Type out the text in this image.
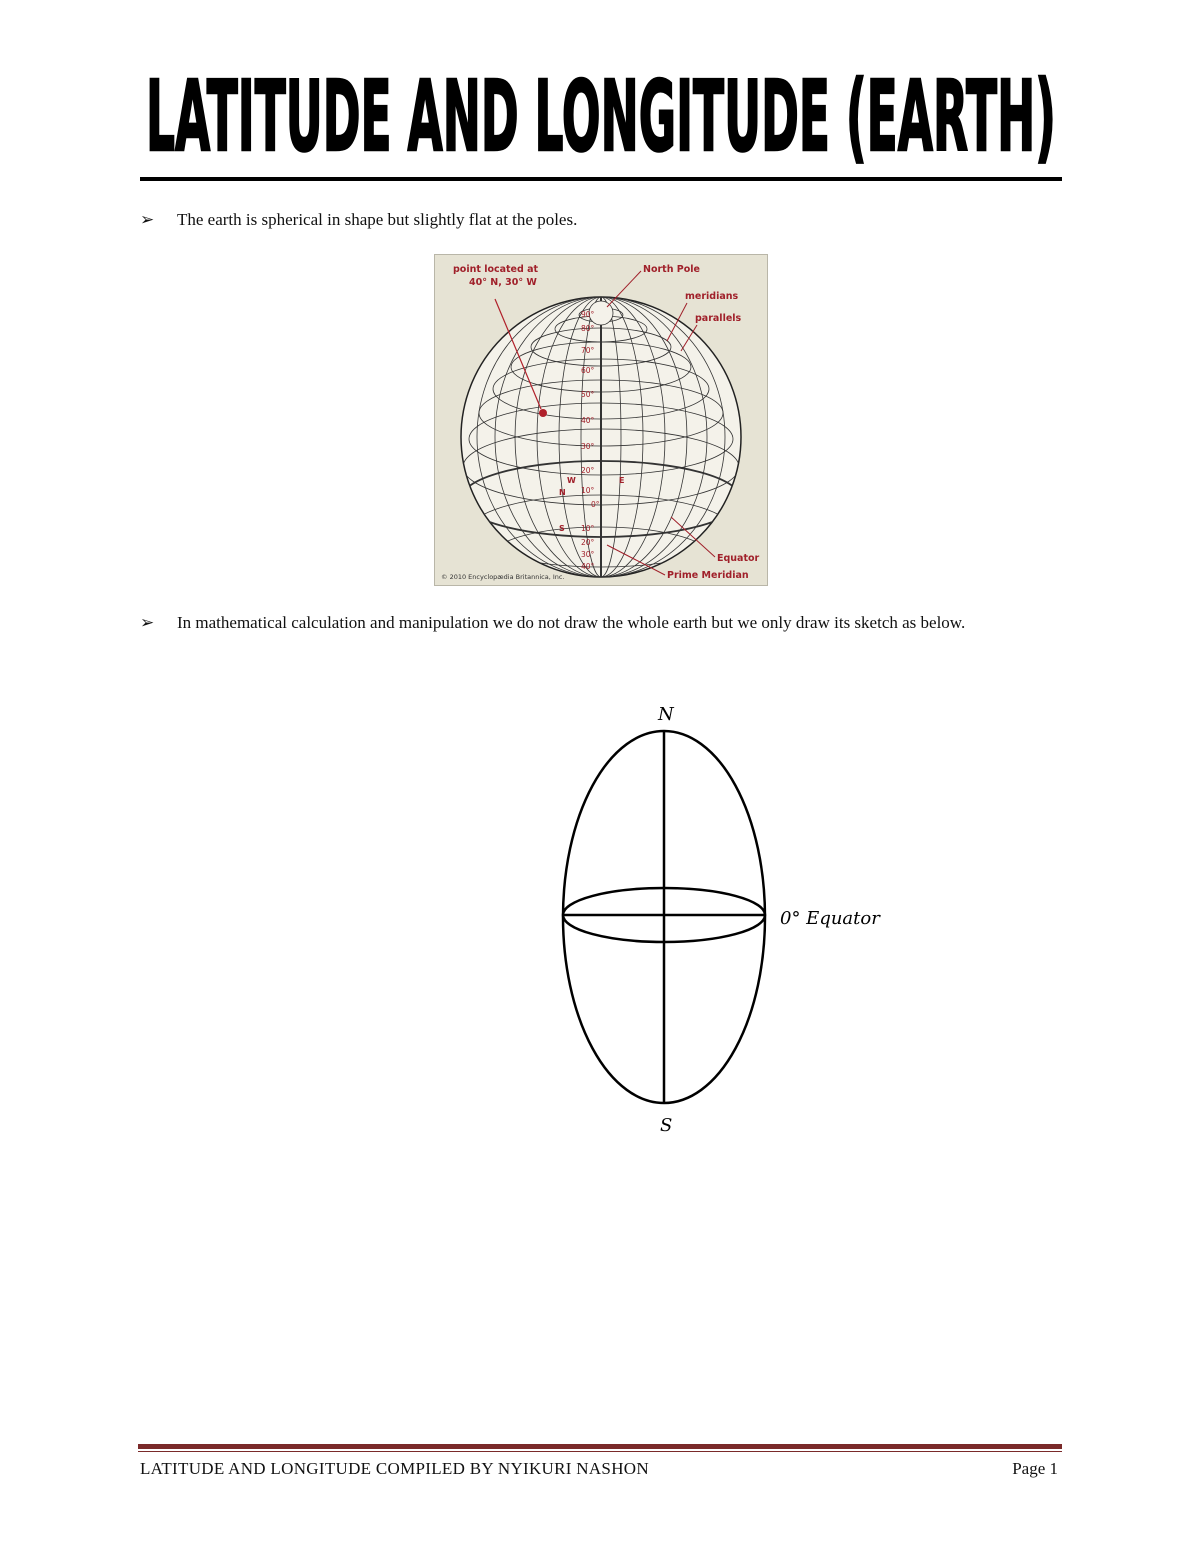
LATITUDE AND LONGITUDE (EARTH)
➢	The earth is spherical in shape but slightly flat at the poles.
point located at
40° N, 30° W
North Pole
meridians
parallels
Equator
Prime Meridian
90°
80°
70°
60°
50°
40°
30°
20°
10°
0°
10°
20°
30°
40°
W	E
N
S
© 2010 Encyclopædia Britannica, Inc.
➢	In mathematical calculation and manipulation we do not draw the whole earth but we only draw its sketch as below.
N
S
0° Equator
LATITUDE AND LONGITUDE COMPILED BY NYIKURI NASHON	Page 1
